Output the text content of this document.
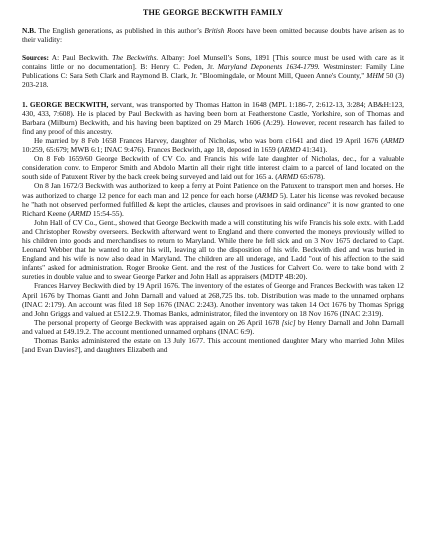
THE GEORGE BECKWITH FAMILY

N.B. The English generations, as published in this author’s British Roots have been omitted because doubts have arisen as to their validity:

Sources: A: Paul Beckwith. The Beckwiths. Albany: Joel Munsell’s Sons, 1891 [This source must be used with care as it contains little or no documentation]. B: Henry C. Peden, Jr. Maryland Deponents 1634-1799. Westminster: Family Line Publications C: Sara Seth Clark and Raymond B. Clark, Jr. "Bloomingdale, or Mount Mill, Queen Anne's County," MHM 50 (3) 203-218.

1. GEORGE BECKWITH, servant, was transported by Thomas Hatton in 1648 (MPL 1:186-7, 2:612-13, 3:284; AB&H:123, 430, 433, 7:608). He is placed by Paul Beckwith as having been born at Featherstone Castle, Yorkshire, son of Thomas and Barbara (Milburn) Beckwith, and his having been baptized on 29 March 1606 (A:29). However, recent research has failed to find any proof of this ancestry.

He married by 8 Feb 1658 Frances Harvey, daughter of Nicholas, who was born c1641 and died 19 April 1676 (ARMD 10:259, 65:679; MWB 6:1; INAC 9:476). Frances Beckwith, age 18, deposed in 1659 (ARMD 41:341).

On 8 Feb 1659/60 George Beckwith of CV Co. and Francis his wife late daughter of Nicholas, dec., for a valuable consideration conv. to Emperor Smith and Abdolo Martin all their right title interest claim to a parcel of land located on the south side of Patuxent River by the back creek being surveyed and laid out for 165 a. (ARMD 65:678).

On 8 Jan 1672/3 Beckwith was authorized to keep a ferry at Point Patience on the Patuxent to transport men and horses. He was authorized to charge 12 pence for each man and 12 pence for each horse (ARMD 5). Later his license was revoked because he "hath not observed performed fulfilled & kept the articles, clauses and provisoes in said ordinance" it is now granted to one Richard Keene (ARMD 15:54-55).

John Hall of CV Co., Gent., showed that George Beckwith made a will constituting his wife Francis his sole extx. with Ladd and Christopher Rowsby overseers. Beckwith afterward went to England and there converted the moneys previously willed to his children into goods and merchandises to return to Maryland. While there he fell sick and on 3 Nov 1675 declared to Capt. Leonard Webber that he wanted to alter his will, leaving all to the disposition of his wife. Beckwith died and was buried in England and his wife is now also dead in Maryland. The children are all underage, and Ladd "out of his affection to the said infants" asked for administration. Roger Brooke Gent. and the rest of the Justices for Calvert Co. were to take bond with 2 sureties in double value and to swear George Parker and John Hall as appraisers (MDTP 4B:20).

Frances Harvey Beckwith died by 19 April 1676. The inventory of the estates of George and Frances Beckwith was taken 12 April 1676 by Thomas Gantt and John Darnall and valued at 268,725 lbs. tob. Distribution was made to the unnamed orphans (INAC 2:179). An account was filed 18 Sep 1676 (INAC 2:243). Another inventory was taken 14 Oct 1676 by Thomas Sprigg and John Griggs and valued at £512.2.9. Thomas Banks, administrator, filed the inventory on 18 Nov 1676 (INAC 2:319).

The personal property of George Beckwith was appraised again on 26 April 1678 [sic] by Henry Darnall and John Darnall and valued at £49.19.2. The account mentioned unnamed orphans (INAC 6:9).

Thomas Banks administered the estate on 13 July 1677. This account mentioned daughter Mary who married John Miles [and Evan Davies?], and daughters Elizabeth and
